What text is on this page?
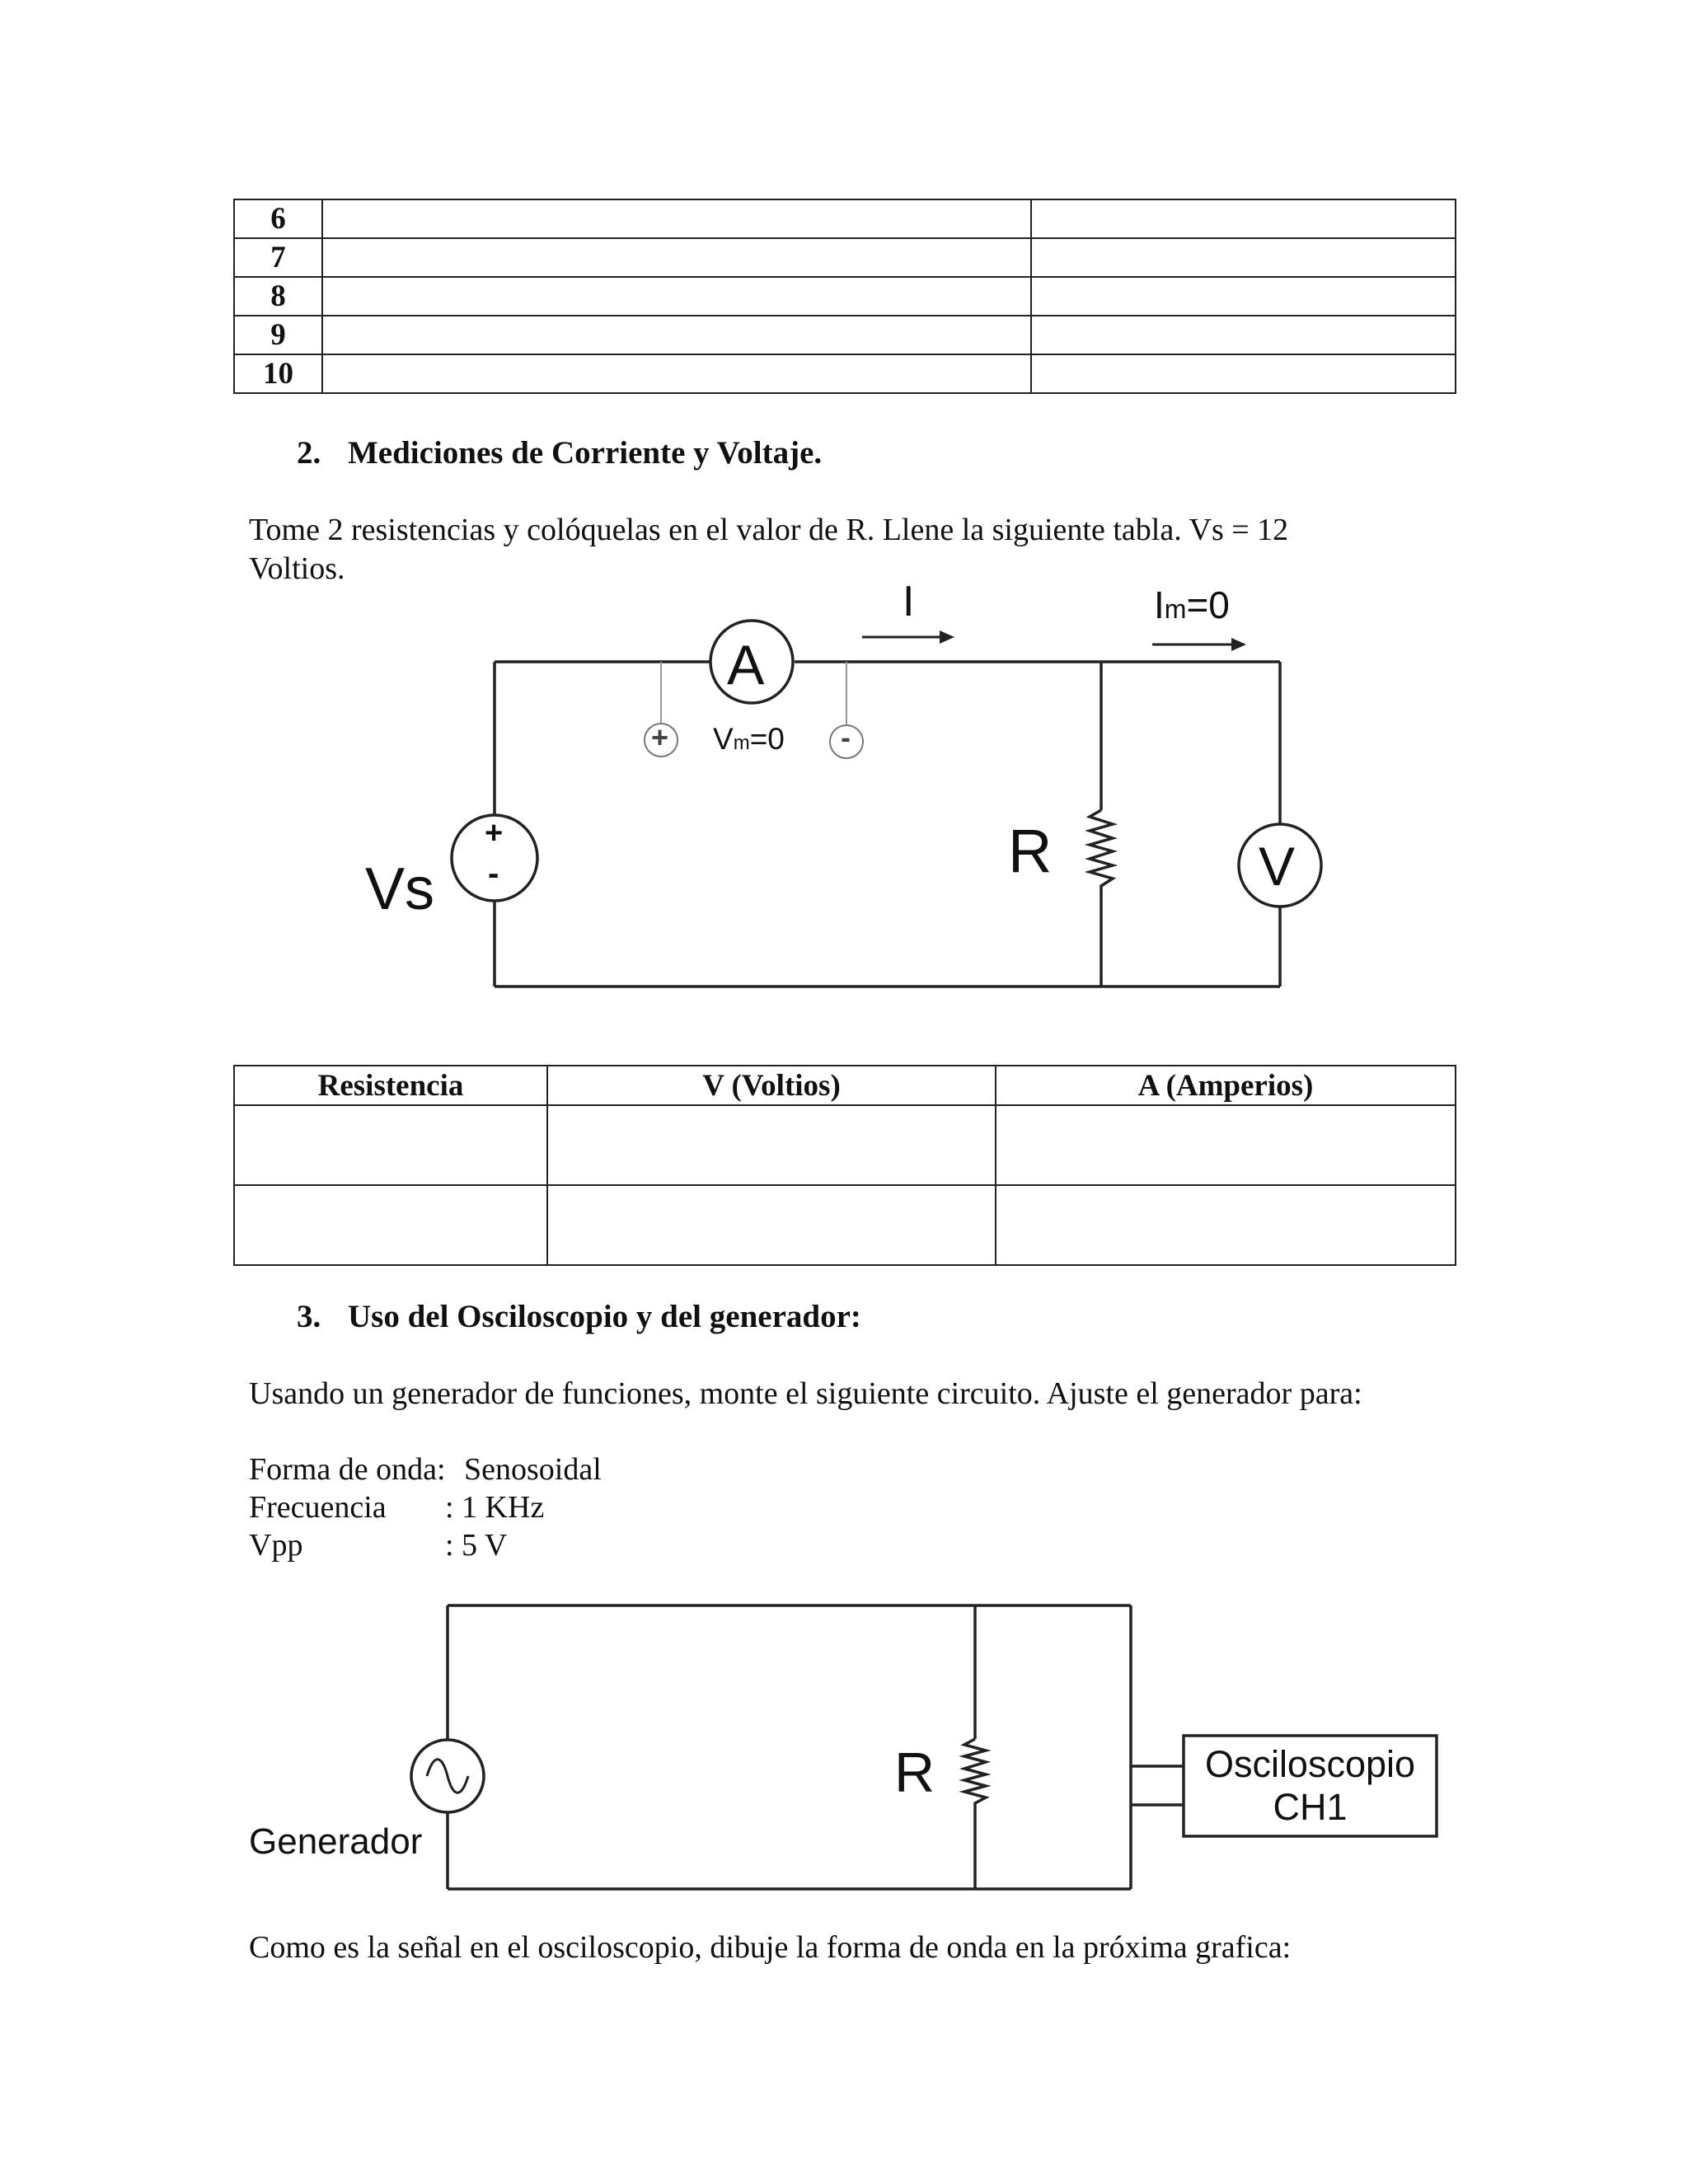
6		
7		
8		
9		
10		
2. Mediciones de Corriente y Voltaje.
Tome 2 resistencias y colóquelas en el valor de R. Llene la siguiente tabla. Vs = 12
Voltios.
I	Im=0
A
Vm=0
+	-
+
-
Vs
R	V
Resistencia	V (Voltios)	A (Amperios)

3. Uso del Osciloscopio y del generador:
Usando un generador de funciones, monte el siguiente circuito. Ajuste el generador para:
Forma de onda: Senosoidal
Frecuencia : 1 KHz
Vpp	: 5 V
Generador
R	Osciloscopio
CH1
Como es la señal en el osciloscopio, dibuje la forma de onda en la próxima grafica:
